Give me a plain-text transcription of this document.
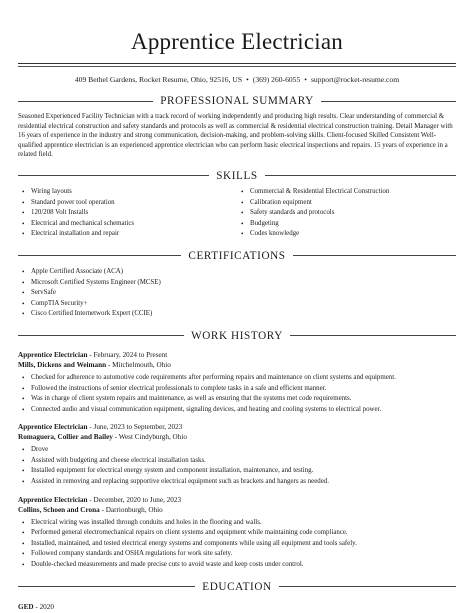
Apprentice Electrician
409 Bethel Gardens, Rocket Resume, Ohio, 92516, US • (369) 260-6055 • support@rocket-resume.com
PROFESSIONAL SUMMARY
Seasoned Experienced Facility Technician with a track record of working independently and producing high results. Clear understanding of commercial & residential electrical construction and safety standards and protocols as well as commercial & residential electrical construction training. Detail Manager with 16 years of experience in the industry and strong communication, decision-making, and problem-solving skills. Client-focused Skilled Consistent Well-qualified apprentice electrician is an experienced apprentice electrician who can perform basic electrical inspections and repairs. 15 years of experience in a related field.
SKILLS
• Wiring layouts
• Standard power tool operation
• 120/208 Volt Installs
• Electrical and mechanical schematics
• Electrical installation and repair
• Commercial & Residential Electrical Construction
• Calibration equipment
• Safety standards and protocols
• Budgeting
• Codes knowledge
CERTIFICATIONS
• Apple Certified Associate (ACA)
• Microsoft Certified Systems Engineer (MCSE)
• ServSafe
• CompTIA Security+
• Cisco Certified Internetwork Expert (CCIE)
WORK HISTORY
Apprentice Electrician - February, 2024 to Present
Mills, Dickens and Weimann - Mitchelmouth, Ohio
• Checked for adherence to automotive code requirements after performing repairs and maintenance on client systems and equipment.
• Followed the instructions of senior electrical professionals to complete tasks in a safe and efficient manner.
• Was in charge of client system repairs and maintenance, as well as ensuring that the systems met code requirements.
• Connected audio and visual communication equipment, signaling devices, and heating and cooling systems to electrical power.
Apprentice Electrician - June, 2023 to September, 2023
Romaguera, Collier and Bailey - West Cindyburgh, Ohio
• Drove
• Assisted with budgeting and cheese electrical installation tasks.
• Installed equipment for electrical energy system and component installation, maintenance, and testing.
• Assisted in removing and replacing supportive electrical equipment such as brackets and hangers as needed.
Apprentice Electrician - December, 2020 to June, 2023
Collins, Schoen and Crona - Darrionburgh, Ohio
• Electrical wiring was installed through conduits and holes in the flooring and walls.
• Performed general electromechanical repairs on client systems and equipment while maintaining code compliance.
• Installed, maintained, and tested electrical energy systems and components while using all equipment and tools safely.
• Followed company standards and OSHA regulations for work site safety.
• Double-checked measurements and made precise cuts to avoid waste and keep costs under control.
EDUCATION
GED - 2020
